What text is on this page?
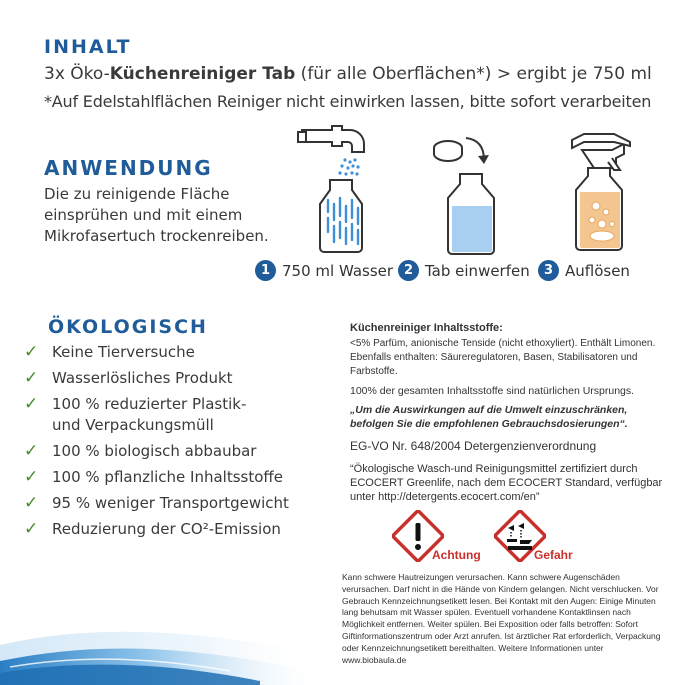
INHALT
3x Öko-Küchenreiniger Tab (für alle Oberflächen*) > ergibt je 750 ml
*Auf Edelstahlflächen Reiniger nicht einwirken lassen, bitte sofort verarbeiten
ANWENDUNG
Die zu reinigende Fläche einsprühen und mit einem Mikrofasertuch trockenreiben.
1 750 ml Wasser 2 Tab einwerfen	3 Auflösen
ÖKOLOGISCH
✓ Keine Tierversuche
✓ Wasserlösliches Produkt
✓ 100 % reduzierter Plastik-
und Verpackungsmüll
✓ 100 % biologisch abbaubar
✓ 100 % pflanzliche Inhaltsstoffe
✓ 95 % weniger Transportgewicht
✓ Reduzierung der CO²-Emission
Küchenreiniger Inhaltsstoffe:
<5% Parfüm, anionische Tenside (nicht ethoxyliert). Enthält Limonen. Ebenfalls enthalten: Säureregulatoren, Basen, Stabilisatoren und Farbstoffe.
100% der gesamten Inhaltsstoffe sind natürlichen Ursprungs.
„Um die Auswirkungen auf die Umwelt einzuschränken, befolgen Sie die empfohlenen Gebrauchsdosierungen“.
EG-VO Nr. 648/2004 Detergenzienverordnung
“Ökologische Wasch-und Reinigungsmittel zertifiziert durch ECOCERT Greenlife, nach dem ECOCERT Standard, verfügbar unter http://detergents.ecocert.com/en”
Achtung	Gefahr
Kann schwere Hautreizungen verursachen. Kann schwere Augenschäden verursachen. Darf nicht in die Hände von Kindern gelangen. Nicht verschlucken. Vor Gebrauch Kennzeichnungsetikett lesen. Bei Kontakt mit den Augen: Einige Minuten lang behutsam mit Wasser spülen. Eventuell vorhandene Kontaktlinsen nach Möglichkeit entfernen. Weiter spülen. Bei Exposition oder falls betroffen: Sofort Giftinformationszentrum oder Arzt anrufen. Ist ärztlicher Rat erforderlich, Verpackung oder Kennzeichnungsetikett bereithalten. Weitere Informationen unter www.biobaula.de
